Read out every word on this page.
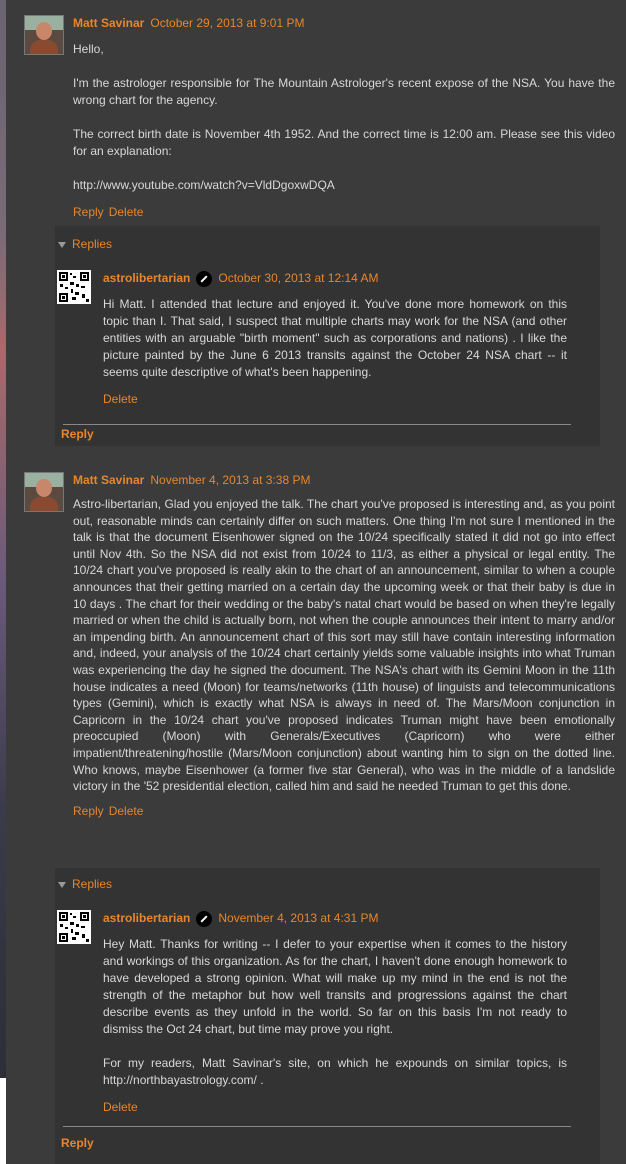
Matt Savinar October 29, 2013 at 9:01 PM

Hello,

I'm the astrologer responsible for The Mountain Astrologer's recent expose of the NSA. You have the wrong chart for the agency.

The correct birth date is November 4th 1952. And the correct time is 12:00 am. Please see this video for an explanation:

http://www.youtube.com/watch?v=VldDgoxwDQA

Reply Delete
Replies
astrolibertarian October 30, 2013 at 12:14 AM

Hi Matt. I attended that lecture and enjoyed it. You've done more homework on this topic than I. That said, I suspect that multiple charts may work for the NSA (and other entities with an arguable "birth moment" such as corporations and nations) . I like the picture painted by the June 6 2013 transits against the October 24 NSA chart -- it seems quite descriptive of what's been happening.

Delete
Reply
Matt Savinar November 4, 2013 at 3:38 PM

Astro-libertarian, Glad you enjoyed the talk. The chart you've proposed is interesting and, as you point out, reasonable minds can certainly differ on such matters. One thing I'm not sure I mentioned in the talk is that the document Eisenhower signed on the 10/24 specifically stated it did not go into effect until Nov 4th. So the NSA did not exist from 10/24 to 11/3, as either a physical or legal entity. The 10/24 chart you've proposed is really akin to the chart of an announcement, similar to when a couple announces that their getting married on a certain day the upcoming week or that their baby is due in 10 days . The chart for their wedding or the baby's natal chart would be based on when they're legally married or when the child is actually born, not when the couple announces their intent to marry and/or an impending birth. An announcement chart of this sort may still have contain interesting information and, indeed, your analysis of the 10/24 chart certainly yields some valuable insights into what Truman was experiencing the day he signed the document. The NSA's chart with its Gemini Moon in the 11th house indicates a need (Moon) for teams/networks (11th house) of linguists and telecommunications types (Gemini), which is exactly what NSA is always in need of. The Mars/Moon conjunction in Capricorn in the 10/24 chart you've proposed indicates Truman might have been emotionally preoccupied (Moon) with Generals/Executives (Capricorn) who were either impatient/threatening/hostile (Mars/Moon conjunction) about wanting him to sign on the dotted line. Who knows, maybe Eisenhower (a former five star General), who was in the middle of a landslide victory in the '52 presidential election, called him and said he needed Truman to get this done.

Reply Delete
Replies
astrolibertarian November 4, 2013 at 4:31 PM

Hey Matt. Thanks for writing -- I defer to your expertise when it comes to the history and workings of this organization. As for the chart, I haven't done enough homework to have developed a strong opinion. What will make up my mind in the end is not the strength of the metaphor but how well transits and progressions against the chart describe events as they unfold in the world. So far on this basis I'm not ready to dismiss the Oct 24 chart, but time may prove you right.

For my readers, Matt Savinar's site, on which he expounds on similar topics, is http://northbayastrology.com/ .

Delete
Reply
